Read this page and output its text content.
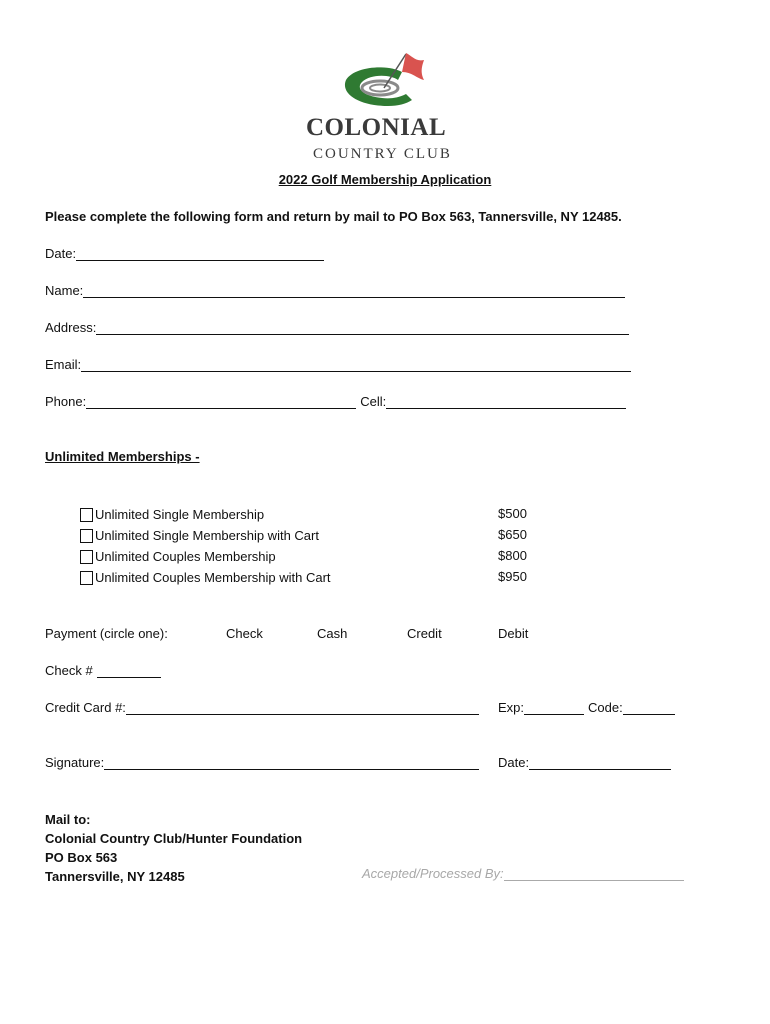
COLONIAL
COUNTRY CLUB
2022 Golf Membership Application
Please complete the following form and return by mail to PO Box 563, Tannersville, NY 12485.
Date:
Name:
Address:
Email:
Phone:	Cell:
Unlimited Memberships -
Unlimited Single Membership	$500
Unlimited Single Membership with Cart	$650
Unlimited Couples Membership	$800
Unlimited Couples Membership with Cart	$950
Payment (circle one):	Check	Cash	Credit	Debit
Check #
Credit Card #:	Exp:	Code:
Signature:	Date:
Mail to:
Colonial Country Club/Hunter Foundation
PO Box 563
Tannersville, NY 12485	Accepted/Processed By:
